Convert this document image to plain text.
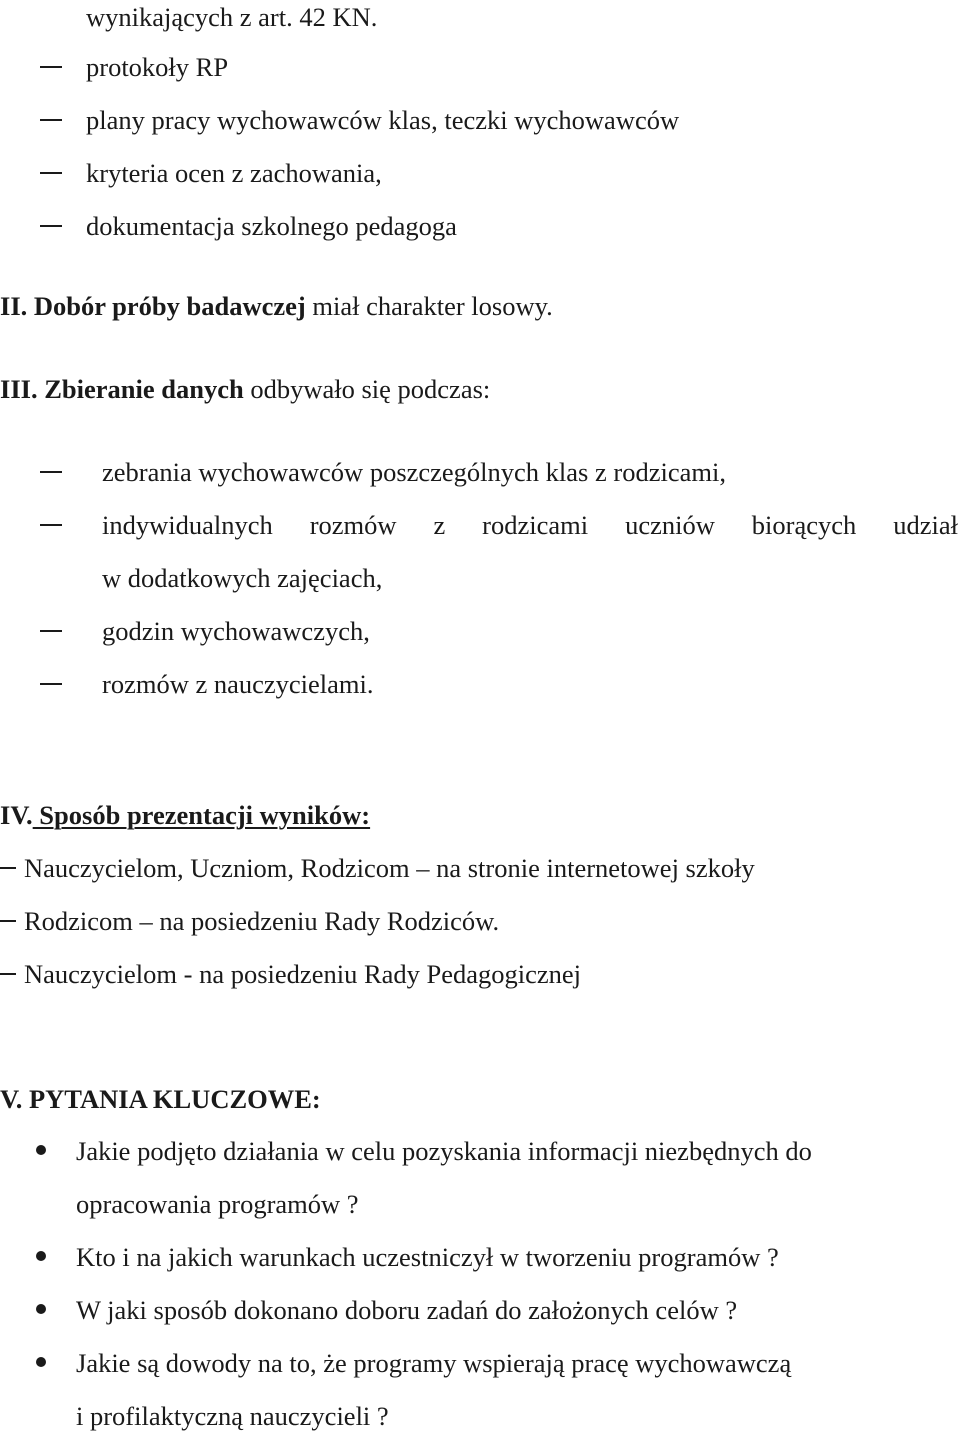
wynikających z art. 42 KN.
protokoły RP
plany pracy wychowawców klas, teczki wychowawców
kryteria ocen z zachowania,
dokumentacja szkolnego pedagoga
II. Dobór próby badawczej miał charakter losowy.
III. Zbieranie danych odbywało się podczas:
zebrania wychowawców poszczególnych klas z rodzicami,
indywidualnych rozmów z rodzicami uczniów biorących udział
w dodatkowych zajęciach,
godzin wychowawczych,
rozmów z nauczycielami.
IV. Sposób prezentacji wyników:
Nauczycielom, Uczniom, Rodzicom – na stronie internetowej szkoły
Rodzicom – na posiedzeniu Rady Rodziców.
Nauczycielom - na posiedzeniu Rady Pedagogicznej
V. PYTANIA KLUCZOWE:
Jakie podjęto działania w celu pozyskania informacji niezbędnych do
opracowania programów ?
Kto i na jakich warunkach uczestniczył w tworzeniu programów ?
W jaki sposób dokonano doboru zadań do założonych celów ?
Jakie są dowody na to, że programy wspierają pracę wychowawczą
i profilaktyczną nauczycieli ?
